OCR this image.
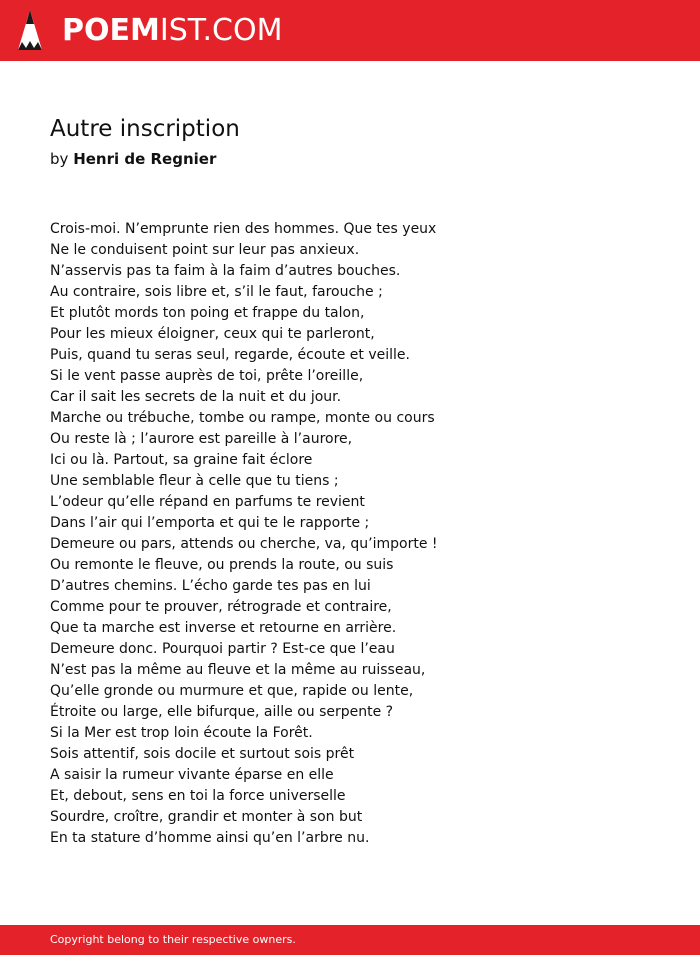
POEMIST.COM
Autre inscription
by Henri de Regnier
Crois-moi. N’emprunte rien des hommes. Que tes yeux
Ne le conduisent point sur leur pas anxieux.
N’asservis pas ta faim à la faim d’autres bouches.
Au contraire, sois libre et, s’il le faut, farouche ;
Et plutôt mords ton poing et frappe du talon,
Pour les mieux éloigner, ceux qui te parleront,
Puis, quand tu seras seul, regarde, écoute et veille.
Si le vent passe auprès de toi, prête l’oreille,
Car il sait les secrets de la nuit et du jour.
Marche ou trébuche, tombe ou rampe, monte ou cours
Ou reste là ; l’aurore est pareille à l’aurore,
Ici ou là. Partout, sa graine fait éclore
Une semblable fleur à celle que tu tiens ;
L’odeur qu’elle répand en parfums te revient
Dans l’air qui l’emporta et qui te le rapporte ;
Demeure ou pars, attends ou cherche, va, qu’importe !
Ou remonte le fleuve, ou prends la route, ou suis
D’autres chemins. L’écho garde tes pas en lui
Comme pour te prouver, rétrograde et contraire,
Que ta marche est inverse et retourne en arrière.
Demeure donc. Pourquoi partir ? Est-ce que l’eau
N’est pas la même au fleuve et la même au ruisseau,
Qu’elle gronde ou murmure et que, rapide ou lente,
Étroite ou large, elle bifurque, aille ou serpente ?
Si la Mer est trop loin écoute la Forêt.
Sois attentif, sois docile et surtout sois prêt
A saisir la rumeur vivante éparse en elle
Et, debout, sens en toi la force universelle
Sourdre, croître, grandir et monter à son but
En ta stature d’homme ainsi qu’en l’arbre nu.
Copyright belong to their respective owners.
